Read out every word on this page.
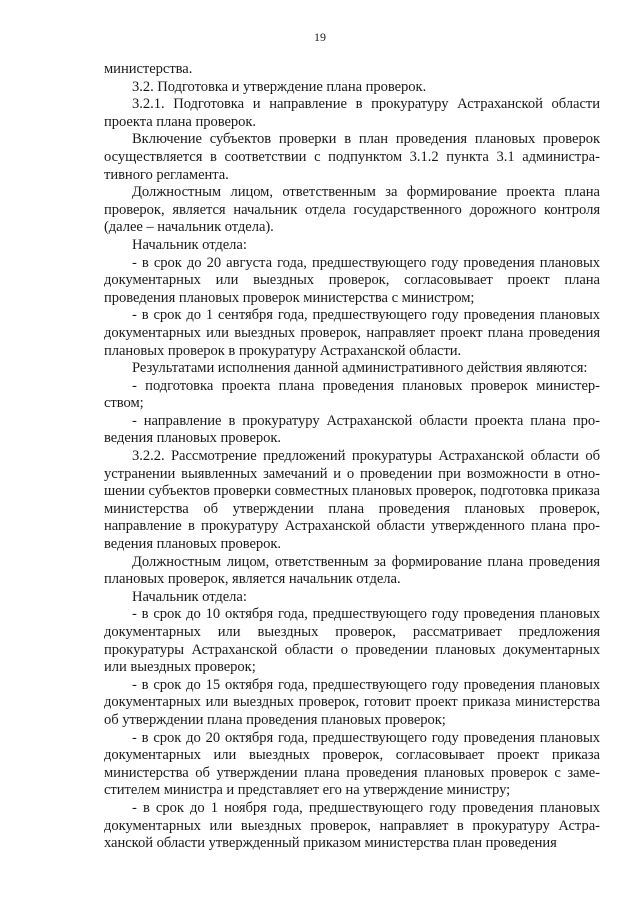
19

министерства.

3.2. Подготовка и утверждение плана проверок.

3.2.1. Подготовка и направление в прокуратуру Астраханской области проекта плана проверок.

Включение субъектов проверки в план проведения плановых проверок осуществляется в соответствии с подпунктом 3.1.2 пункта 3.1 административного регламента.

Должностным лицом, ответственным за формирование проекта плана проверок, является начальник отдела государственного дорожного контроля (далее – начальник отдела).

Начальник отдела:

- в срок до 20 августа года, предшествующего году проведения плановых документарных или выездных проверок, согласовывает проект плана проведения плановых проверок министерства с министром;

- в срок до 1 сентября года, предшествующего году проведения плановых документарных или выездных проверок, направляет проект плана проведения плановых проверок в прокуратуру Астраханской области.

Результатами исполнения данной административного действия являются:

- подготовка проекта плана проведения плановых проверок министерством;

- направление в прокуратуру Астраханской области проекта плана проведения плановых проверок.

3.2.2. Рассмотрение предложений прокуратуры Астраханской области об устранении выявленных замечаний и о проведении при возможности в отношении субъектов проверки совместных плановых проверок, подготовка приказа министерства об утверждении плана проведения плановых проверок, направление в прокуратуру Астраханской области утвержденного плана проведения плановых проверок.

Должностным лицом, ответственным за формирование плана проведения плановых проверок, является начальник отдела.

Начальник отдела:

- в срок до 10 октября года, предшествующего году проведения плановых документарных или выездных проверок, рассматривает предложения прокуратуры Астраханской области о проведении плановых документарных или выездных проверок;

- в срок до 15 октября года, предшествующего году проведения плановых документарных или выездных проверок, готовит проект приказа министерства об утверждении плана проведения плановых проверок;

- в срок до 20 октября года, предшествующего году проведения плановых документарных или выездных проверок, согласовывает проект приказа министерства об утверждении плана проведения плановых проверок с заместителем министра и представляет его на утверждение министру;

- в срок до 1 ноября года, предшествующего году проведения плановых документарных или выездных проверок, направляет в прокуратуру Астраханской области утвержденный приказом министерства план проведения
